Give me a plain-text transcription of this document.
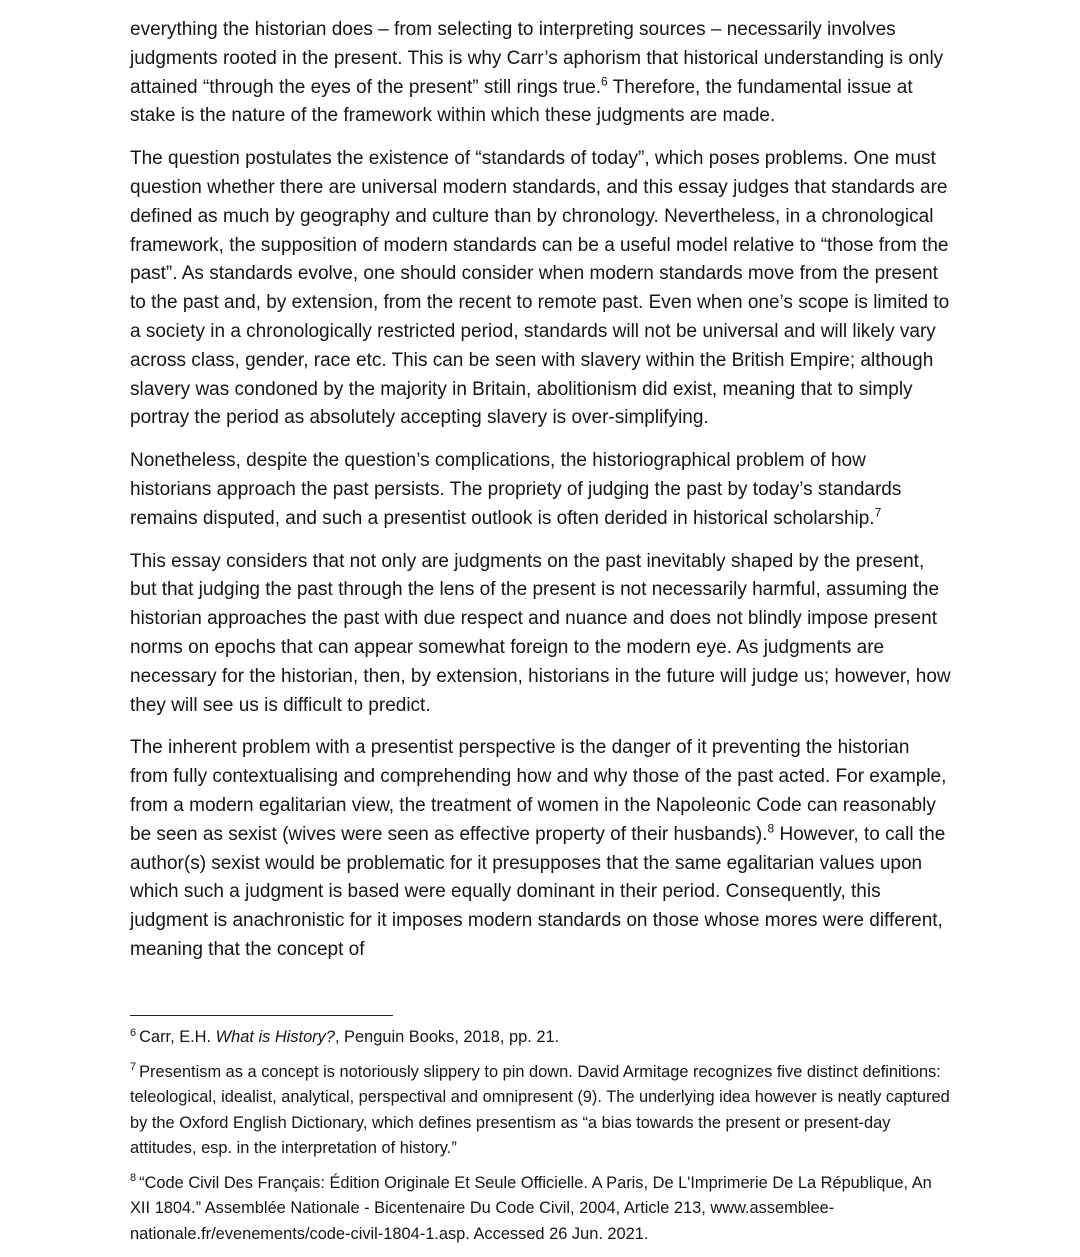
everything the historian does – from selecting to interpreting sources – necessarily involves judgments rooted in the present. This is why Carr’s aphorism that historical understanding is only attained “through the eyes of the present” still rings true.$^6$ Therefore, the fundamental issue at stake is the nature of the framework within which these judgments are made.

The question postulates the existence of “standards of today”, which poses problems. One must question whether there are universal modern standards, and this essay judges that standards are defined as much by geography and culture than by chronology. Nevertheless, in a chronological framework, the supposition of modern standards can be a useful model relative to “those from the past”. As standards evolve, one should consider when modern standards move from the present to the past and, by extension, from the recent to remote past. Even when one’s scope is limited to a society in a chronologically restricted period, standards will not be universal and will likely vary across class, gender, race etc. This can be seen with slavery within the British Empire; although slavery was condoned by the majority in Britain, abolitionism did exist, meaning that to simply portray the period as absolutely accepting slavery is over-simplifying.

Nonetheless, despite the question’s complications, the historiographical problem of how historians approach the past persists. The propriety of judging the past by today’s standards remains disputed, and such a presentist outlook is often derided in historical scholarship.$^7$

This essay considers that not only are judgments on the past inevitably shaped by the present, but that judging the past through the lens of the present is not necessarily harmful, assuming the historian approaches the past with due respect and nuance and does not blindly impose present norms on epochs that can appear somewhat foreign to the modern eye. As judgments are necessary for the historian, then, by extension, historians in the future will judge us; however, how they will see us is difficult to predict.

The inherent problem with a presentist perspective is the danger of it preventing the historian from fully contextualising and comprehending how and why those of the past acted. For example, from a modern egalitarian view, the treatment of women in the Napoleonic Code can reasonably be seen as sexist (wives were seen as effective property of their husbands).$^8$ However, to call the author(s) sexist would be problematic for it presupposes that the same egalitarian values upon which such a judgment is based were equally dominant in their period. Consequently, this judgment is anachronistic for it imposes modern standards on those whose mores were different, meaning that the concept of

$^6$ Carr, E.H. What is History?, Penguin Books, 2018, pp. 21.

$^7$ Presentism as a concept is notoriously slippery to pin down. David Armitage recognizes five distinct definitions: teleological, idealist, analytical, perspectival and omnipresent (9). The underlying idea however is neatly captured by the Oxford English Dictionary, which defines presentism as “a bias towards the present or present-day attitudes, esp. in the interpretation of history.”

$^8$ “Code Civil Des Français: Édition Originale Et Seule Officielle. A Paris, De L'Imprimerie De La République, An XII 1804.” Assemblée Nationale - Bicentenaire Du Code Civil, 2004, Article 213, www.assemblee- nationale.fr/evenements/code-civil-1804-1.asp. Accessed 26 Jun. 2021.
